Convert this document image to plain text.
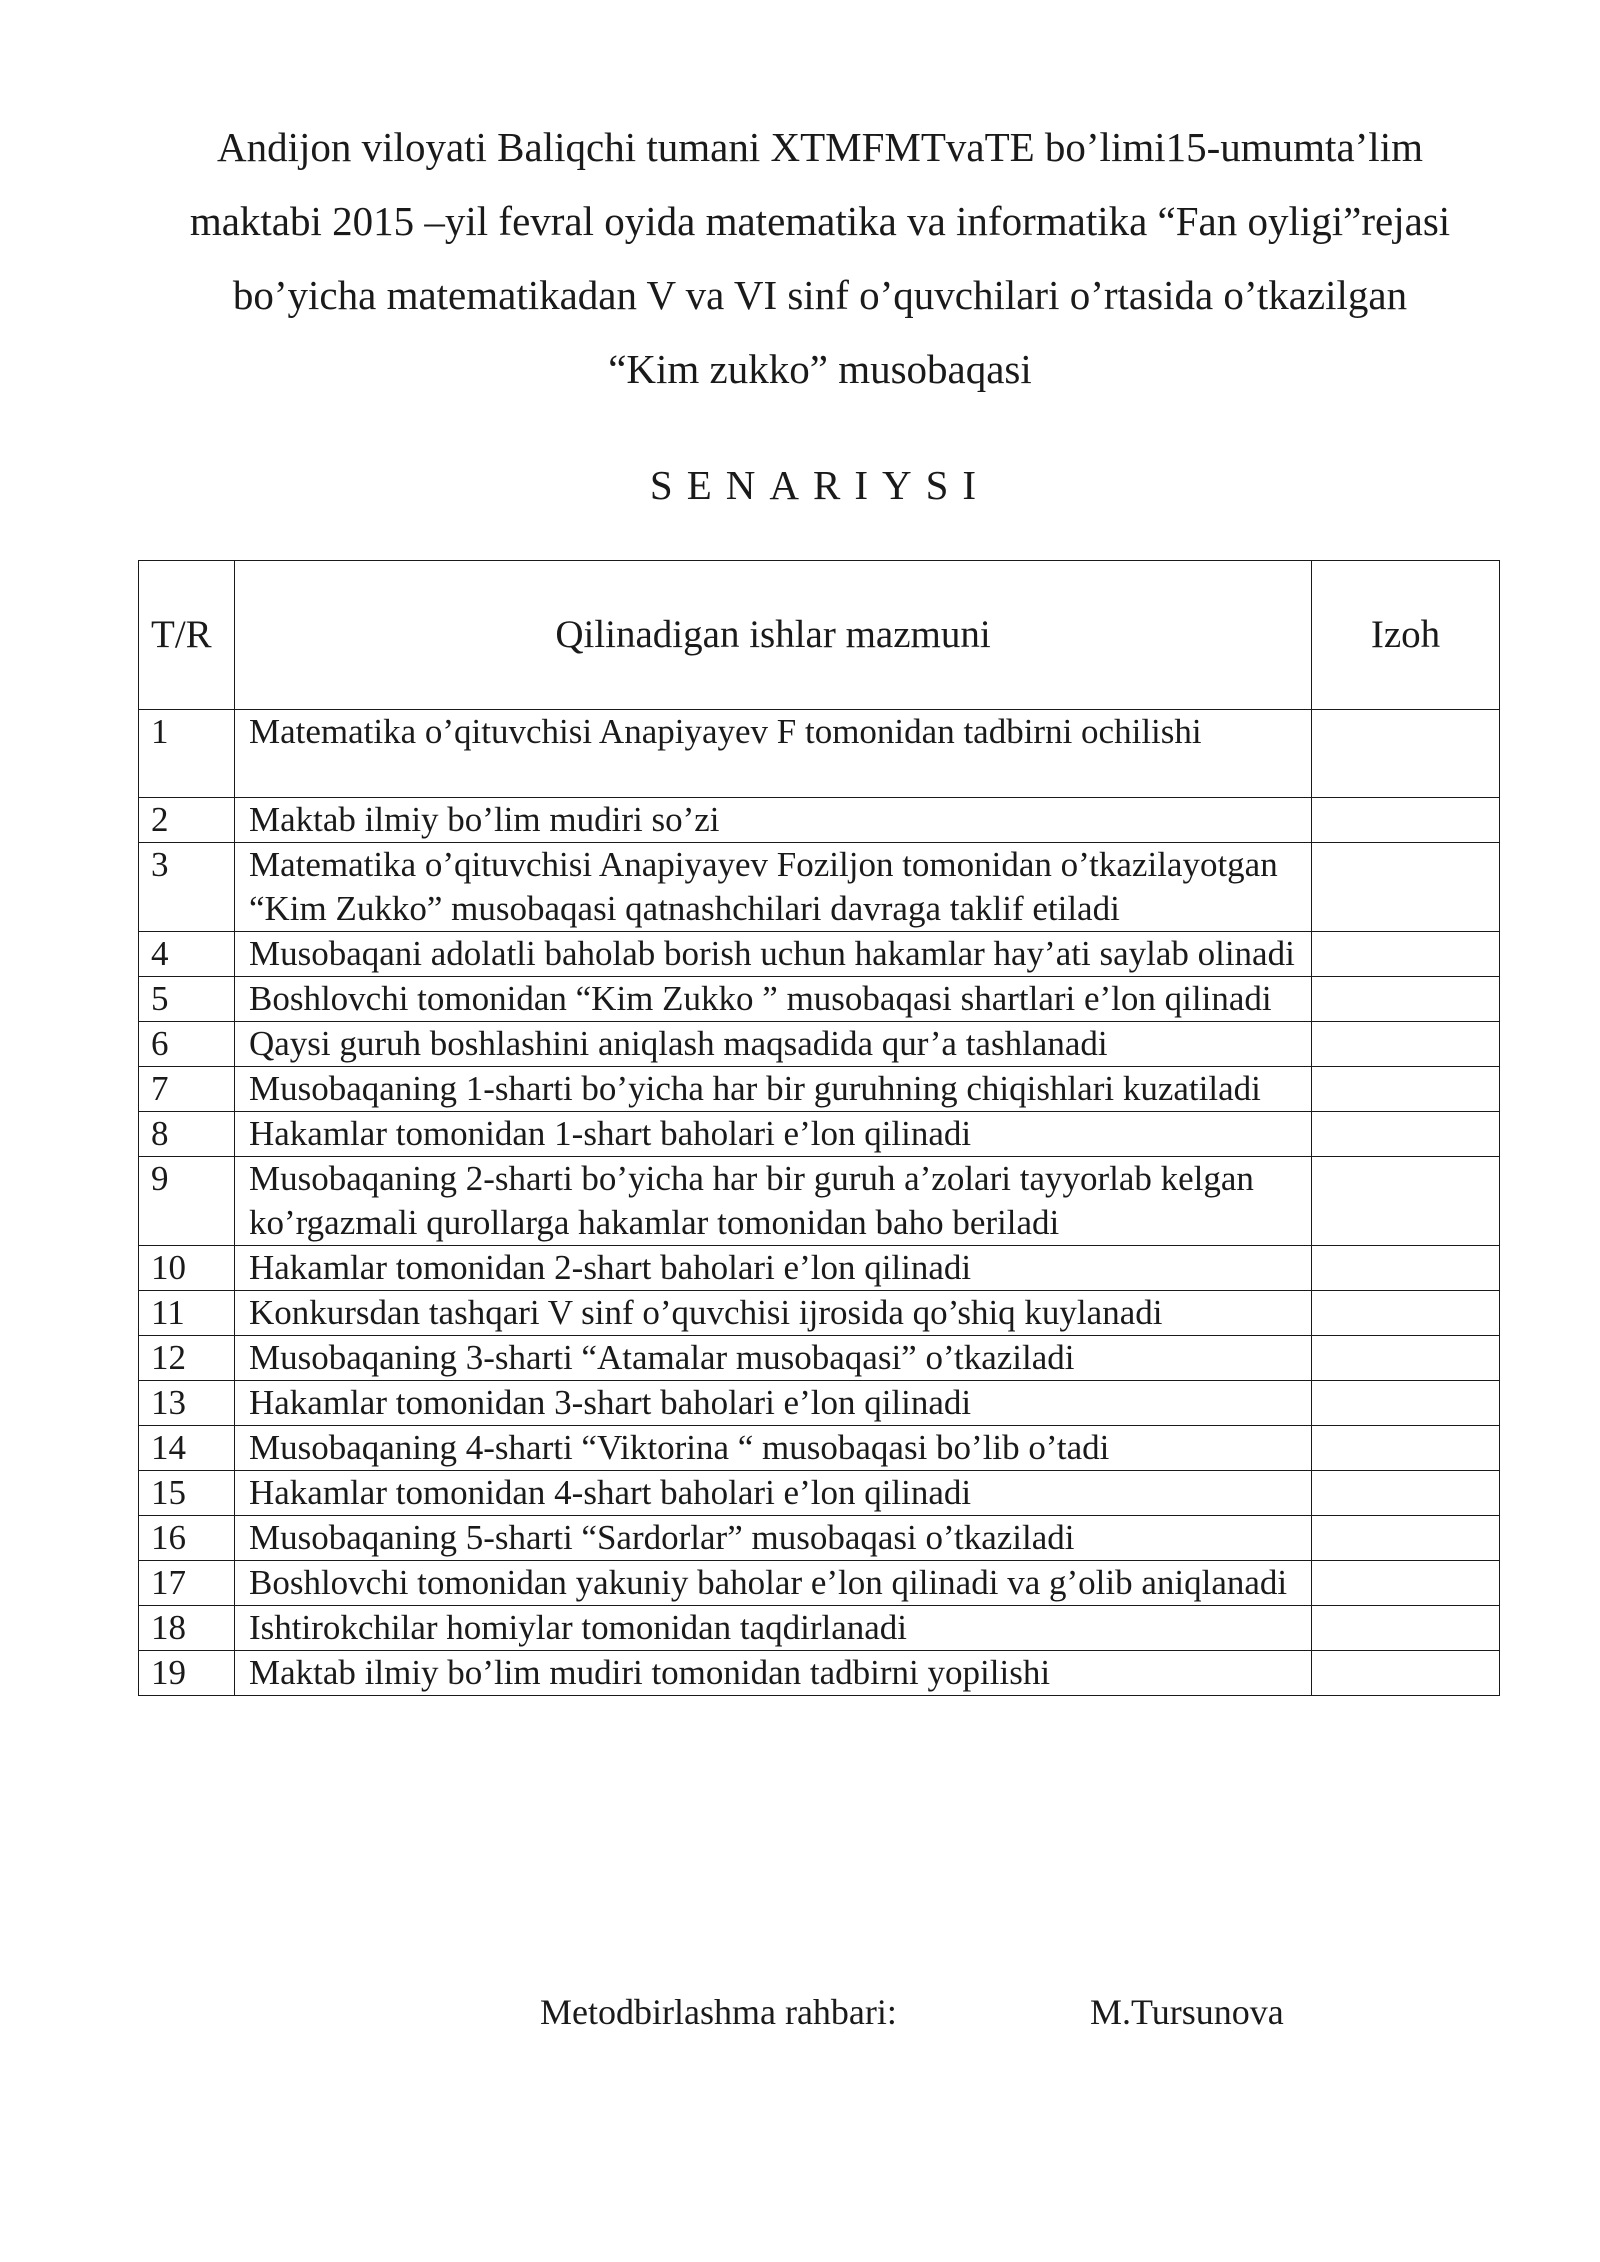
Andijon viloyati Baliqchi tumani XTMFMTvaTE bo’limi15-umumta’lim
maktabi 2015 –yil fevral oyida matematika va informatika “Fan oyligi”rejasi
bo’yicha matematikadan V va VI sinf o’quvchilari o’rtasida o’tkazilgan
“Kim zukko” musobaqasi
SENARIYSI
T/R	Qilinadigan ishlar mazmuni	Izoh
1	Matematika o’qituvchisi Anapiyayev F tomonidan tadbirni ochilishi	
2	Maktab ilmiy bo’lim mudiri so’zi	
3	Matematika o’qituvchisi Anapiyayev Foziljon tomonidan o’tkazilayotgan “Kim Zukko” musobaqasi qatnashchilari davraga taklif etiladi	
4	Musobaqani adolatli baholab borish uchun hakamlar hay’ati saylab olinadi	
5	Boshlovchi tomonidan “Kim Zukko ” musobaqasi shartlari e’lon qilinadi	
6	Qaysi guruh boshlashini aniqlash maqsadida qur’a tashlanadi	
7	Musobaqaning 1-sharti bo’yicha har bir guruhning chiqishlari kuzatiladi	
8	Hakamlar tomonidan 1-shart baholari e’lon qilinadi	
9	Musobaqaning 2-sharti bo’yicha har bir guruh a’zolari tayyorlab kelgan ko’rgazmali qurollarga hakamlar tomonidan baho beriladi	
10	Hakamlar tomonidan 2-shart baholari e’lon qilinadi	
11	Konkursdan tashqari V sinf o’quvchisi ijrosida qo’shiq kuylanadi	
12	Musobaqaning 3-sharti “Atamalar musobaqasi” o’tkaziladi	
13	Hakamlar tomonidan 3-shart baholari e’lon qilinadi	
14	Musobaqaning 4-sharti “Viktorina “ musobaqasi bo’lib o’tadi	
15	Hakamlar tomonidan 4-shart baholari e’lon qilinadi	
16	Musobaqaning 5-sharti “Sardorlar” musobaqasi o’tkaziladi	
17	Boshlovchi tomonidan yakuniy baholar e’lon qilinadi va g’olib aniqlanadi	
18	Ishtirokchilar homiylar tomonidan taqdirlanadi	
19	Maktab ilmiy bo’lim mudiri tomonidan tadbirni yopilishi	
Metodbirlashma rahbari:	M.Tursunova
